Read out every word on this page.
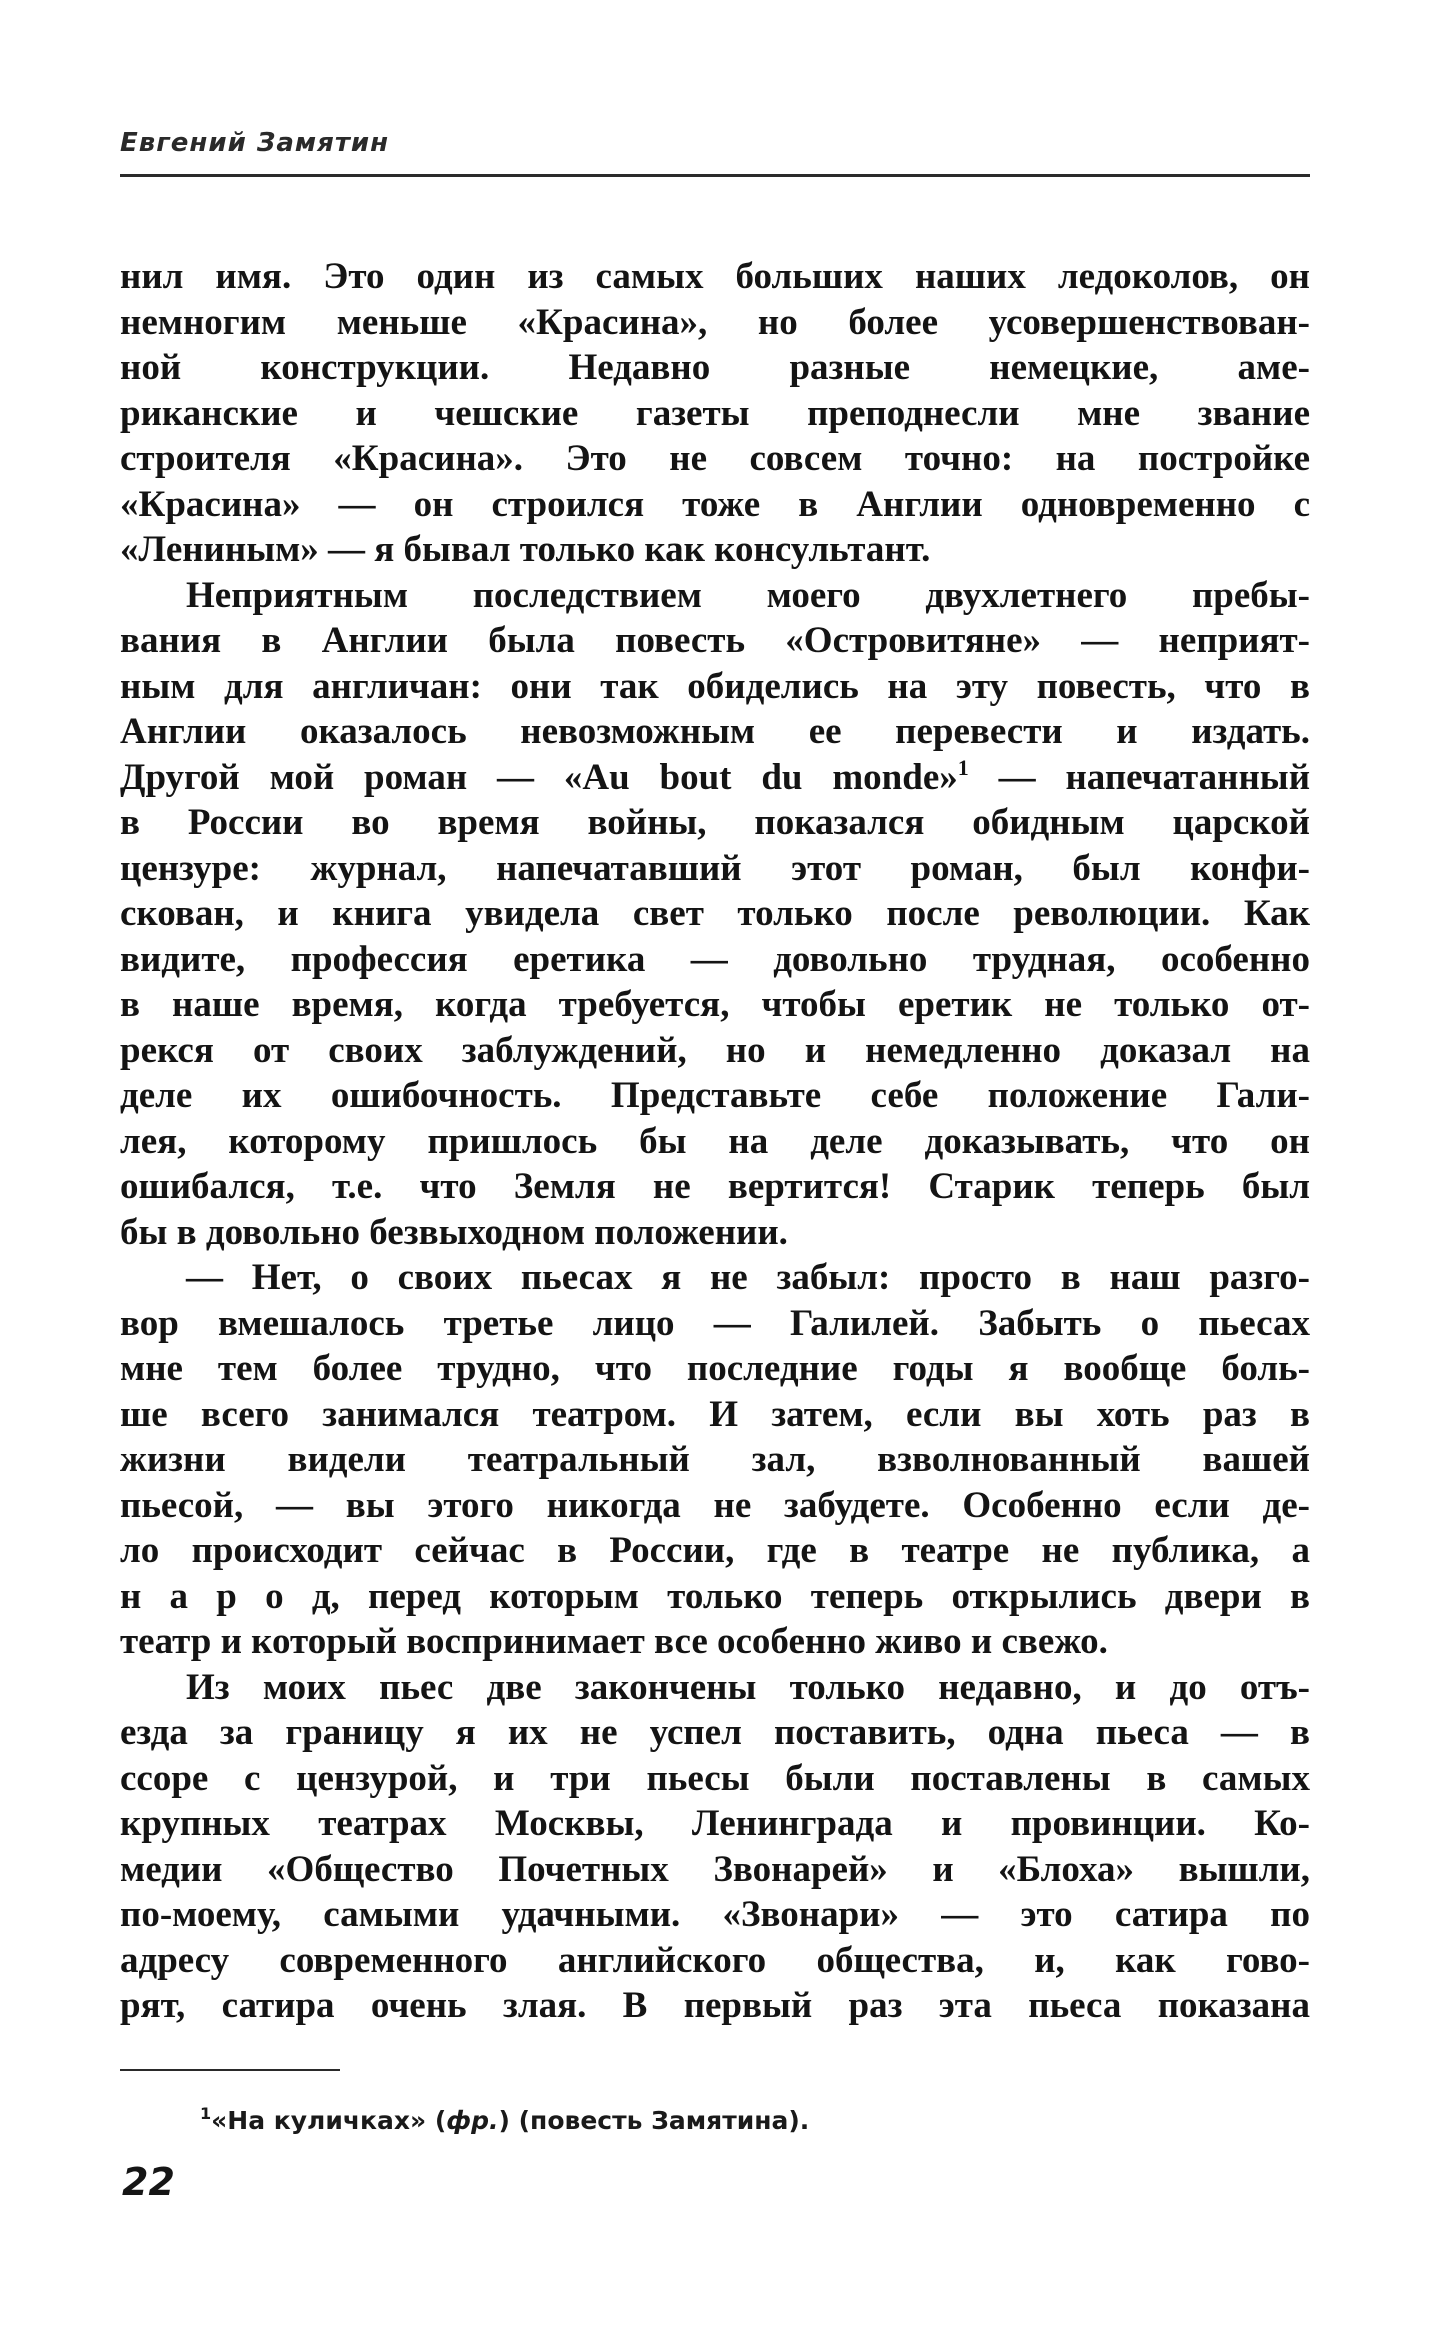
Евгений Замятин
нил имя. Это один из самых больших наших ледоколов, он
немногим меньше «Красина», но более усовершенствован-
ной конструкции. Недавно разные немецкие, аме-
риканские и чешские газеты преподнесли мне звание
строителя «Красина». Это не совсем точно: на постройке
«Красина» — он строился тоже в Англии одновременно с
«Лениным» — я бывал только как консультант.
Неприятным последствием моего двухлетнего пребы-
вания в Англии была повесть «Островитяне» — неприят-
ным для англичан: они так обиделись на эту повесть, что в
Англии оказалось невозможным ее перевести и издать.
Другой мой роман — «Au bout du monde»$^1$ — напечатанный
в России во время войны, показался обидным царской
цензуре: журнал, напечатавший этот роман, был конфи-
скован, и книга увидела свет только после революции. Как
видите, профессия еретика — довольно трудная, особенно
в наше время, когда требуется, чтобы еретик не только от-
рекся от своих заблуждений, но и немедленно доказал на
деле их ошибочность. Представьте себе положение Гали-
лея, которому пришлось бы на деле доказывать, что он
ошибался, т.е. что Земля не вертится! Старик теперь был
бы в довольно безвыходном положении.
— Нет, о своих пьесах я не забыл: просто в наш разго-
вор вмешалось третье лицо — Галилей. Забыть о пьесах
мне тем более трудно, что последние годы я вообще боль-
ше всего занимался театром. И затем, если вы хоть раз в
жизни видели театральный зал, взволнованный вашей
пьесой, — вы этого никогда не забудете. Особенно если де-
ло происходит сейчас в России, где в театре не публика, а
н а р о д, перед которым только теперь открылись двери в
театр и который воспринимает все особенно живо и свежо.
Из моих пьес две закончены только недавно, и до отъ-
езда за границу я их не успел поставить, одна пьеса — в
ссоре с цензурой, и три пьесы были поставлены в самых
крупных театрах Москвы, Ленинграда и провинции. Ко-
медии «Общество Почетных Звонарей» и «Блоха» вышли,
по-моему, самыми удачными. «Звонари» — это сатира по
адресу современного английского общества, и, как гово-
рят, сатира очень злая. В первый раз эта пьеса показана
$^1$«На куличках» (фр.) (повесть Замятина).
22
